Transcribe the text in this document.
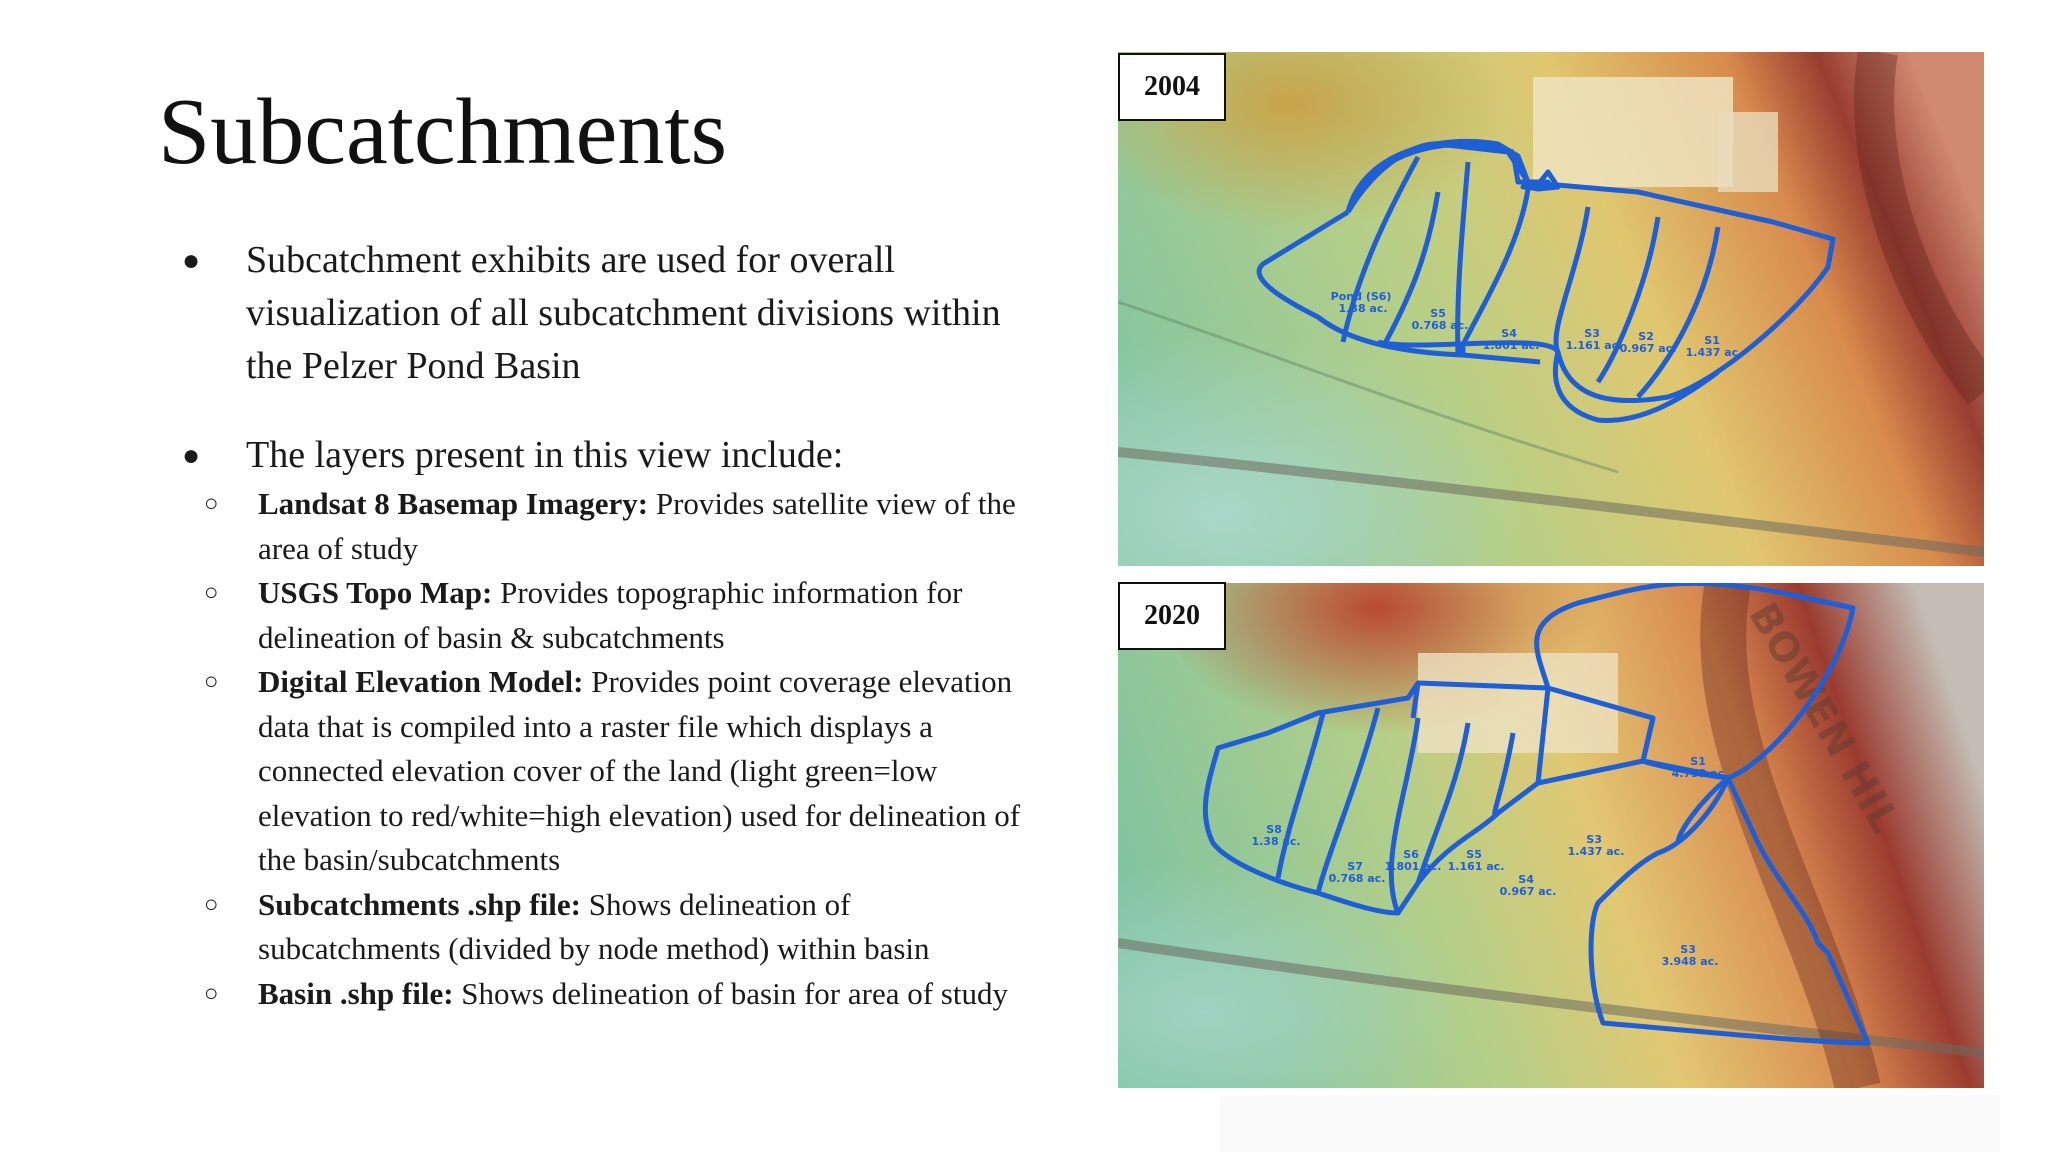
Subcatchments
● Subcatchment exhibits are used for overall visualization of all subcatchment divisions within the Pelzer Pond Basin
● The layers present in this view include:
○ Landsat 8 Basemap Imagery: Provides satellite view of the area of study
○ USGS Topo Map: Provides topographic information for delineation of basin & subcatchments
○ Digital Elevation Model: Provides point coverage elevation data that is compiled into a raster file which displays a connected elevation cover of the land (light green=low elevation to red/white=high elevation) used for delineation of the basin/subcatchments
○ Subcatchments .shp file: Shows delineation of subcatchments (divided by node method) within basin
○ Basin .shp file: Shows delineation of basin for area of study
Pond (S6) 1.38 ac.	S5 0.768 ac.
S4 1.801 ac.
S3 1.161 ac.
S2 0.967 ac.
S1 1.437 ac.
2004
BOWEN HIL
S8 1.38 ac.
S7 0.768 ac.
S6 1.801 ac.
S5 1.161 ac.
S4 0.967 ac.
S3 1.437 ac.
S1 4.753 ac.
S3 3.948 ac.
2020
